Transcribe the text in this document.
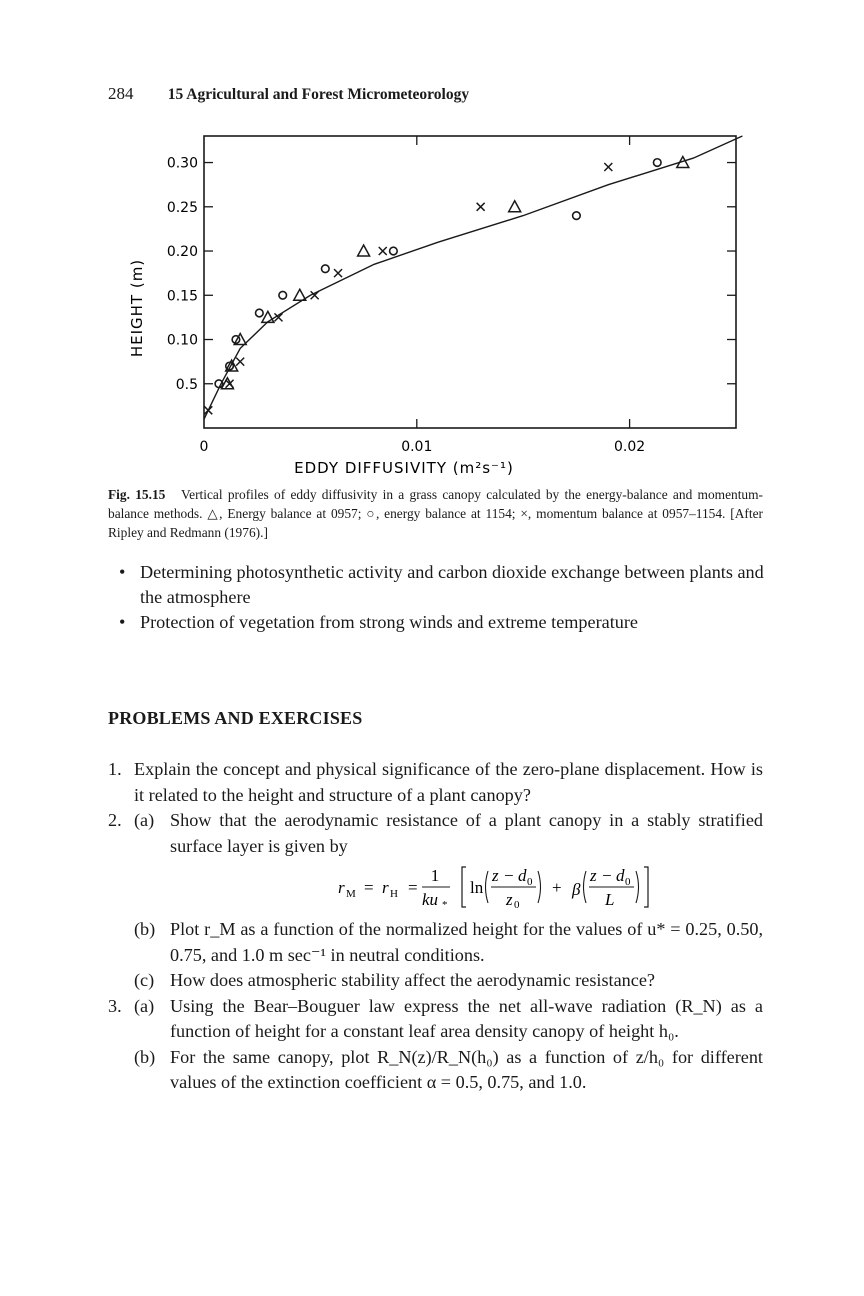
284 15 Agricultural and Forest Micrometeorology
0	0.01	0.02
0.5
0.10
0.15
0.20
0.25
0.30
EDDY DIFFUSIVITY (m²s⁻¹)
HEIGHT (m)
Fig. 15.15 Vertical profiles of eddy diffusivity in a grass canopy calculated by the energy-balance and momentum-balance methods. △, Energy balance at 0957; ○, energy balance at 1154; ×, momentum balance at 0957–1154. [After Ripley and Redmann (1976).]
• Determining photosynthetic activity and carbon dioxide exchange between plants and the atmosphere
• Protection of vegetation from strong winds and extreme temperature
PROBLEMS AND EXERCISES
1. Explain the concept and physical significance of the zero-plane displacement. How is it related to the height and structure of a plant canopy?
2. (a) Show that the aerodynamic resistance of a plant canopy in a stably stratified surface layer is given by
r M = r H =
1
ku *
ln
z − d 0
z 0
+ β
z − d 0
L
(b) Plot r_M as a function of the normalized height for the values of u* = 0.25, 0.50, 0.75, and 1.0 m sec⁻¹ in neutral conditions.
(c) How does atmospheric stability affect the aerodynamic resistance?
3. (a) Using the Bear–Bouguer law express the net all-wave radiation (R_N) as a function of height for a constant leaf area density canopy of height h₀.
(b) For the same canopy, plot R_N(z)/R_N(h₀) as a function of z/h₀ for different values of the extinction coefficient α = 0.5, 0.75, and 1.0.
